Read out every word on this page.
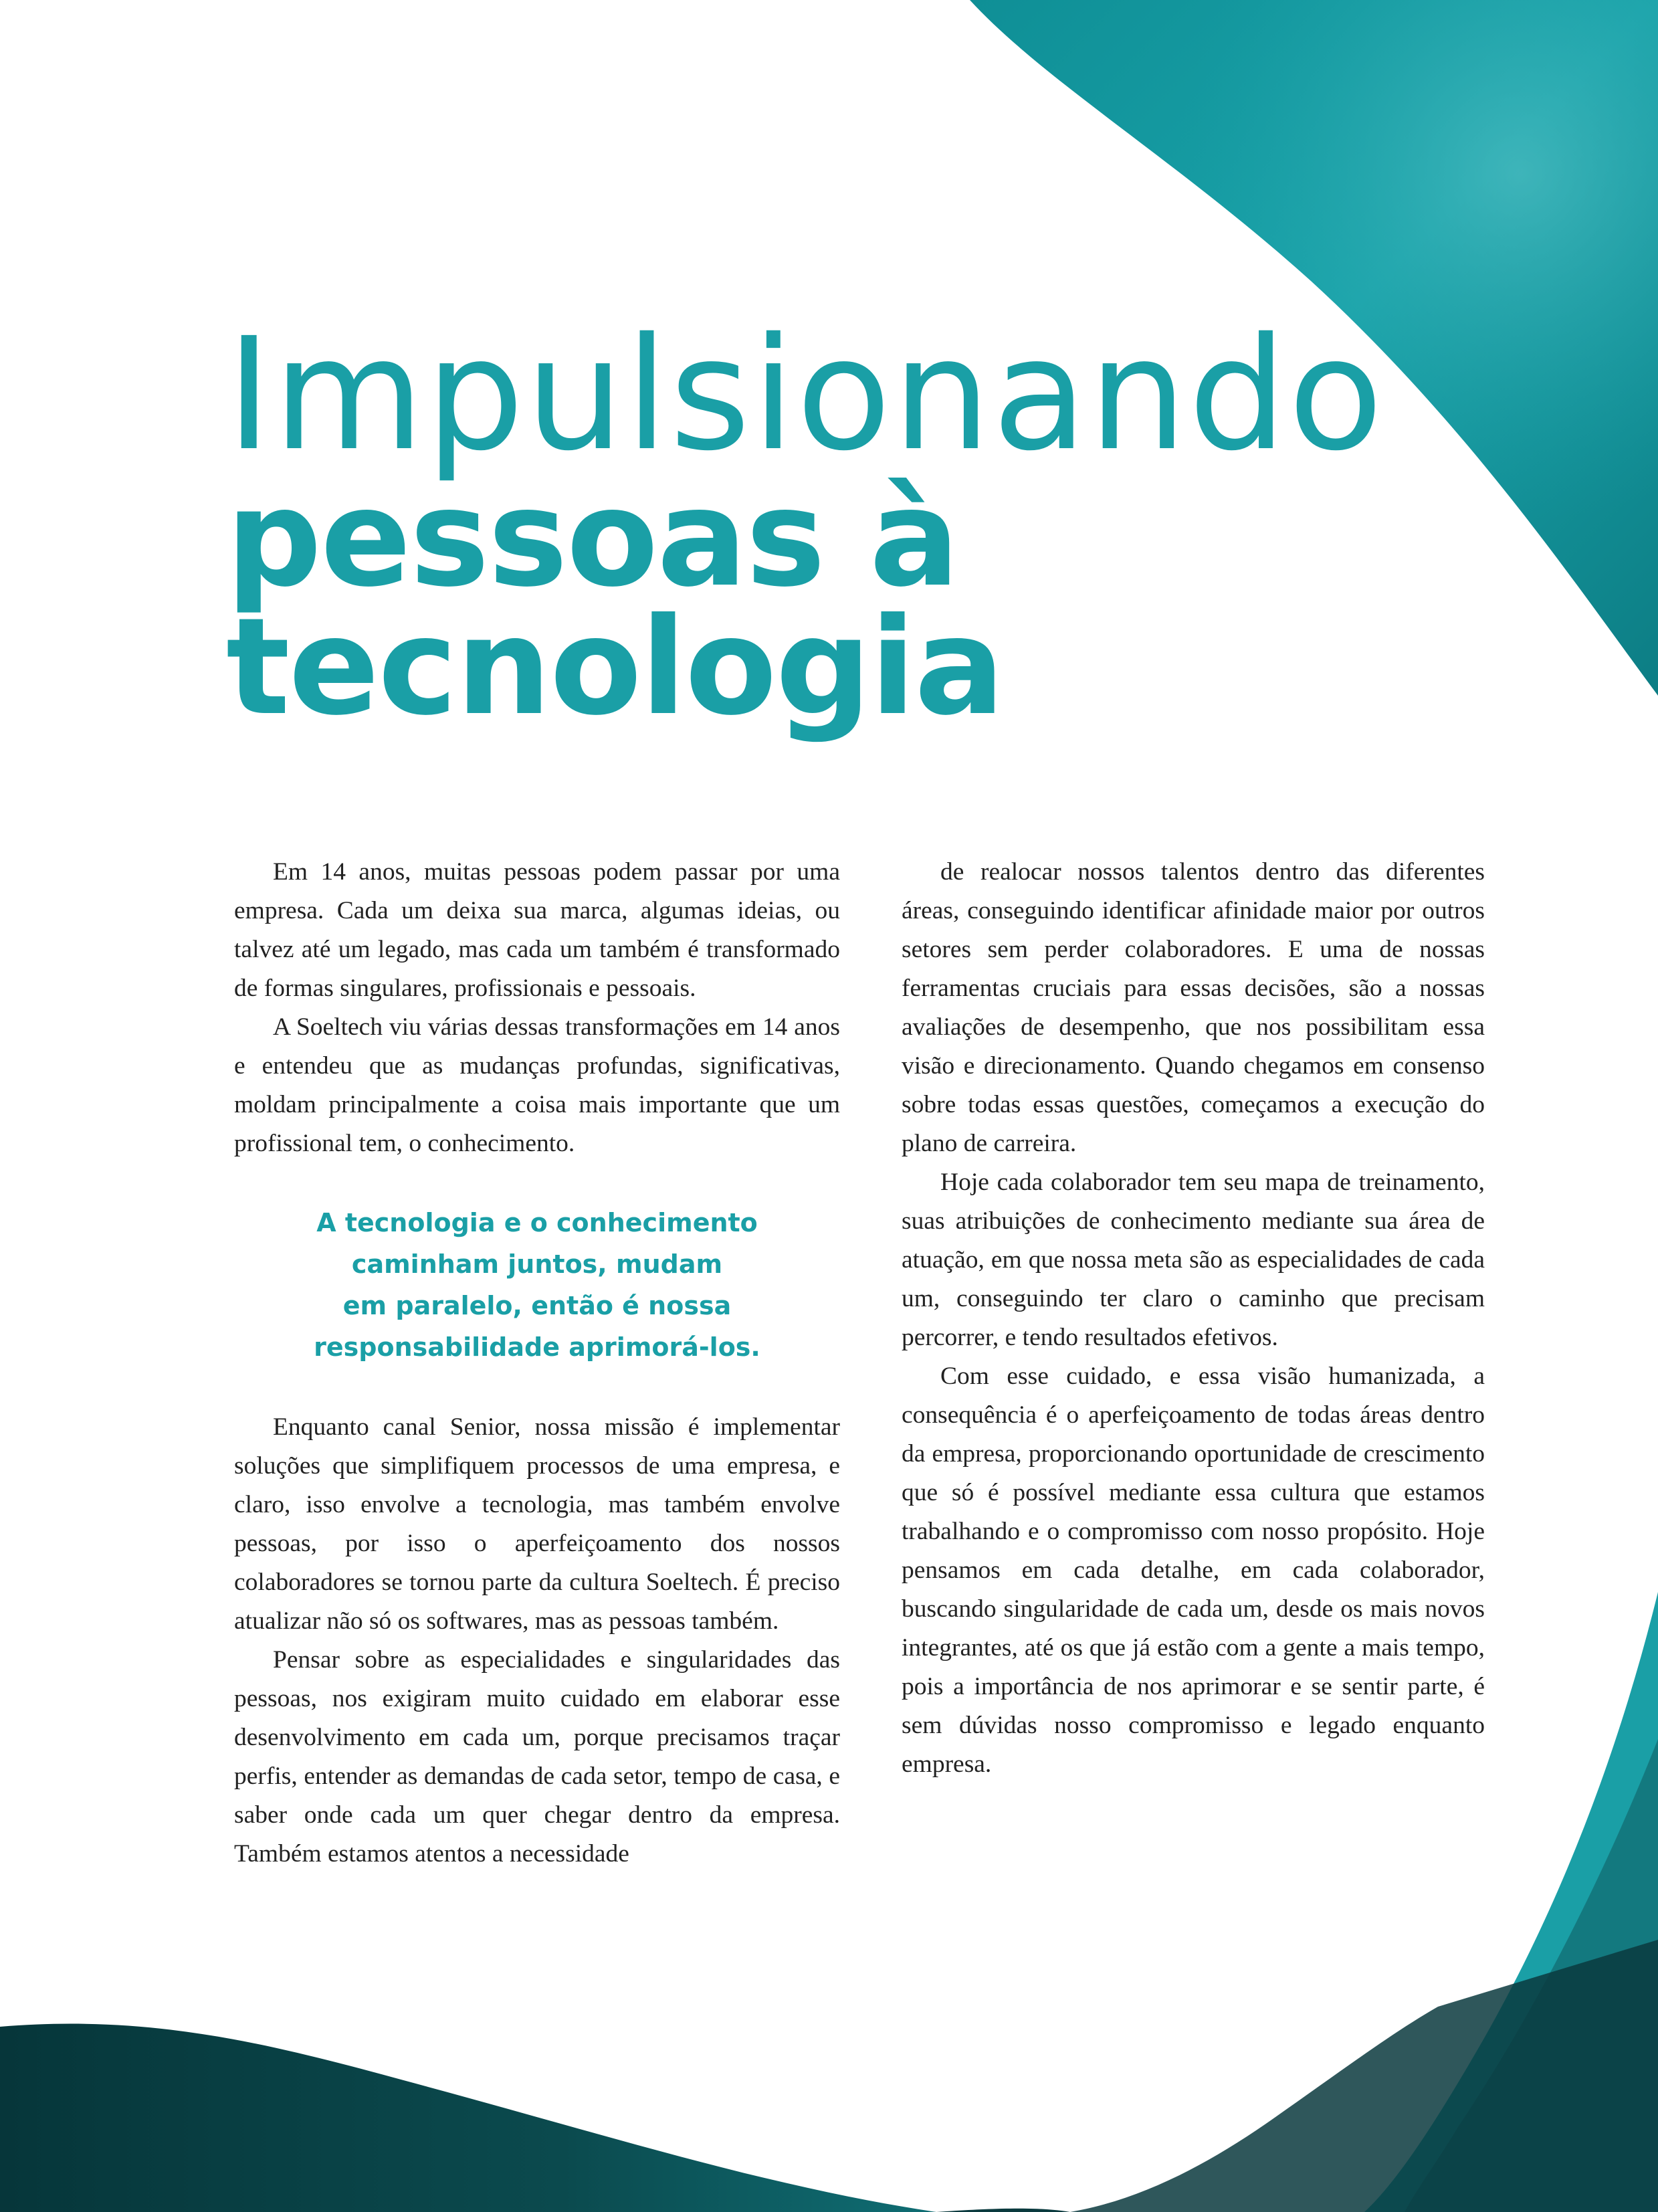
Impulsionando
pessoas à
tecnologia

Em 14 anos, muitas pessoas podem passar por uma empresa. Cada um deixa sua marca, algumas ideias, ou talvez até um legado, mas cada um também é transformado de formas singulares, profissionais e pessoais.

A Soeltech viu várias dessas transformações em 14 anos e entendeu que as mudanças profundas, significativas, moldam principalmente a coisa mais importante que um profissional tem, o conhecimento.

A tecnologia e o conhecimento
caminham juntos, mudam
em paralelo, então é nossa
responsabilidade aprimorá-los.

Enquanto canal Senior, nossa missão é implementar soluções que simplifiquem processos de uma empresa, e claro, isso envolve a tecnologia, mas também envolve pessoas, por isso o aperfeiçoamento dos nossos colaboradores se tornou parte da cultura Soeltech. É preciso atualizar não só os softwares, mas as pessoas também.

Pensar sobre as especialidades e singularidades das pessoas, nos exigiram muito cuidado em elaborar esse desenvolvimento em cada um, porque precisamos traçar perfis, entender as demandas de cada setor, tempo de casa, e saber onde cada um quer chegar dentro da empresa. Também estamos atentos a necessidade

de realocar nossos talentos dentro das diferentes áreas, conseguindo identificar afinidade maior por outros setores sem perder colaboradores. E uma de nossas ferramentas cruciais para essas decisões, são a nossas avaliações de desempenho, que nos possibilitam essa visão e direcionamento. Quando chegamos em consenso sobre todas essas questões, começamos a execução do plano de carreira.

Hoje cada colaborador tem seu mapa de treinamento, suas atribuições de conhecimento mediante sua área de atuação, em que nossa meta são as especialidades de cada um, conseguindo ter claro o caminho que precisam percorrer, e tendo resultados efetivos.

Com esse cuidado, e essa visão humanizada, a consequência é o aperfeiçoamento de todas áreas dentro da empresa, proporcionando oportunidade de crescimento que só é possível mediante essa cultura que estamos trabalhando e o compromisso com nosso propósito. Hoje pensamos em cada detalhe, em cada colaborador, buscando singularidade de cada um, desde os mais novos integrantes, até os que já estão com a gente a mais tempo, pois a importância de nos aprimorar e se sentir parte, é sem dúvidas nosso compromisso e legado enquanto empresa.
